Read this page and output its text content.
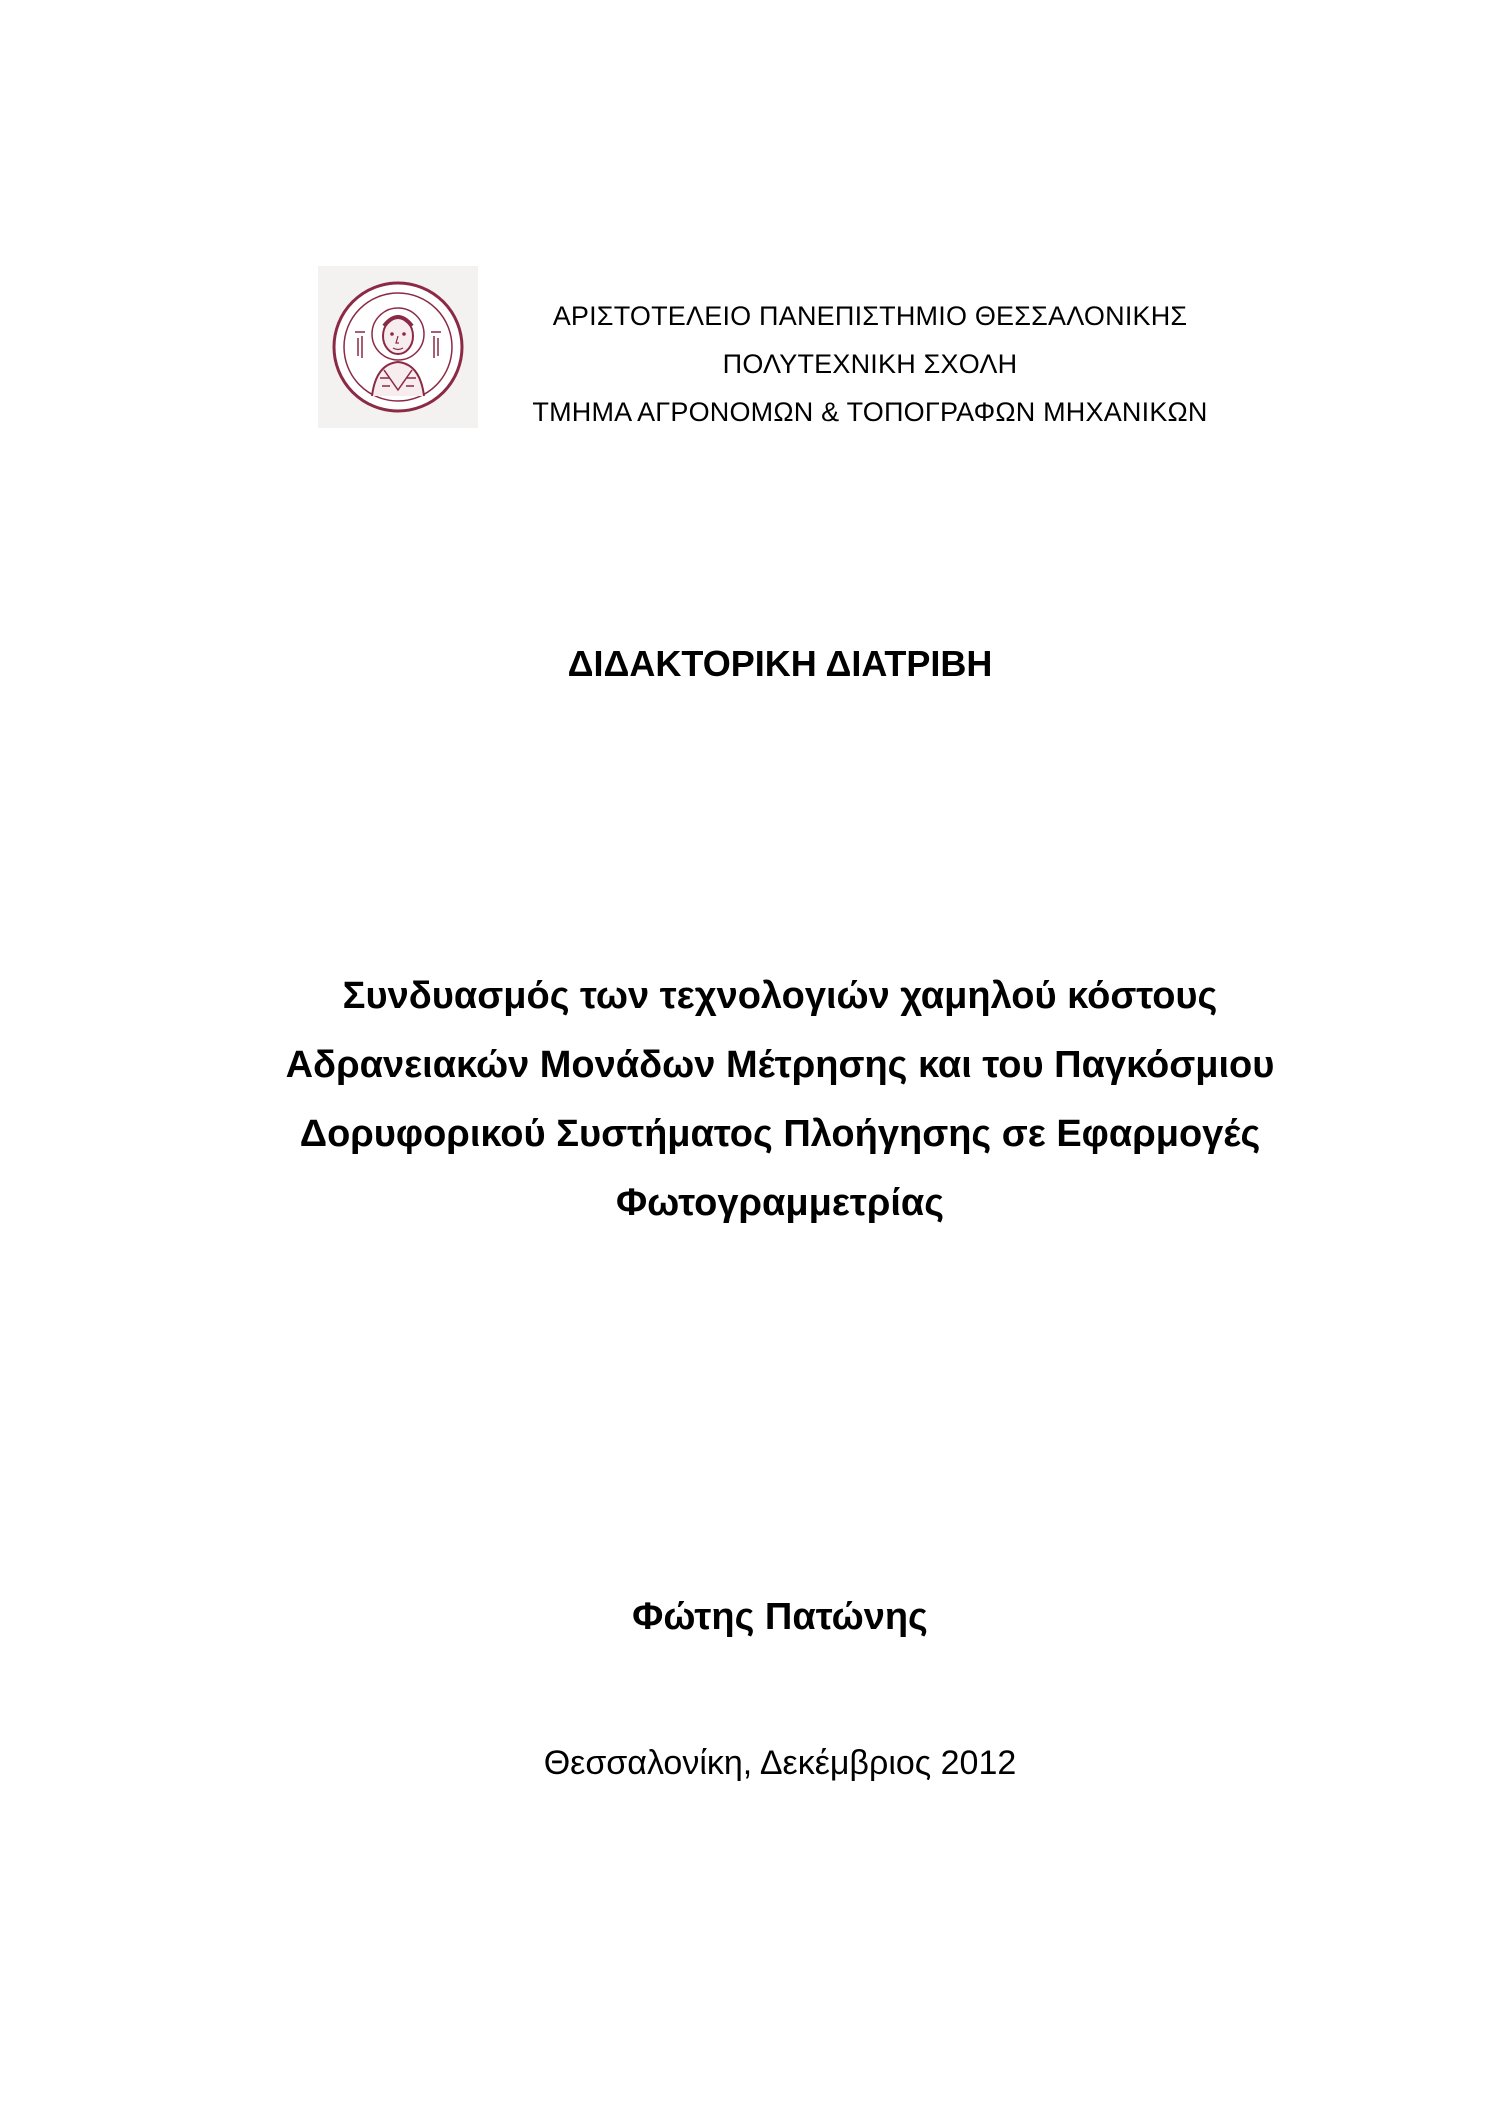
ΑΡΙΣΤΟΤΕΛΕΙΟ ΠΑΝΕΠΙΣΤΗΜΙΟ ΘΕΣΣΑΛΟΝΙΚΗΣ
ΠΟΛΥΤΕΧΝΙΚΗ ΣΧΟΛΗ
ΤΜΗΜΑ ΑΓΡΟΝΟΜΩΝ & ΤΟΠΟΓΡΑΦΩΝ ΜΗΧΑΝΙΚΩΝ
ΔΙΔΑΚΤΟΡΙΚΗ ΔΙΑΤΡΙΒΗ
Συνδυασμός των τεχνολογιών χαμηλού κόστους
Αδρανειακών Μονάδων Μέτρησης και του Παγκόσμιου
Δορυφορικού Συστήματος Πλοήγησης σε Εφαρμογές
Φωτογραμμετρίας
Φώτης Πατώνης
Θεσσαλονίκη, Δεκέμβριος 2012
